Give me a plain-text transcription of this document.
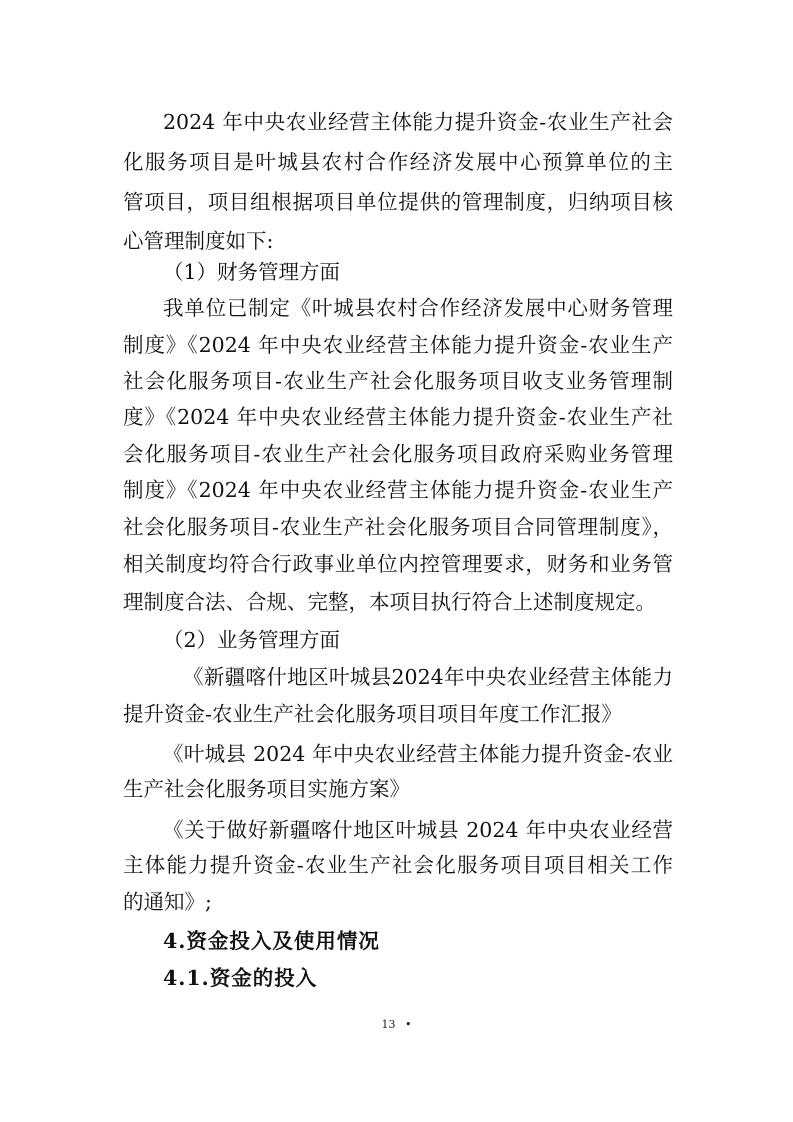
2024 年中央农业经营主体能力提升资金-农业生产社会
化服务项目是叶城县农村合作经济发展中心预算单位的主
管项目，项目组根据项目单位提供的管理制度，归纳项目核
心管理制度如下:
（1）财务管理方面
我单位已制定《叶城县农村合作经济发展中心财务管理
制度》《2024 年中央农业经营主体能力提升资金-农业生产
社会化服务项目-农业生产社会化服务项目收支业务管理制
度》《2024 年中央农业经营主体能力提升资金-农业生产社
会化服务项目-农业生产社会化服务项目政府采购业务管理
制度》《2024 年中央农业经营主体能力提升资金-农业生产
社会化服务项目-农业生产社会化服务项目合同管理制度》，
相关制度均符合行政事业单位内控管理要求，财务和业务管
理制度合法、合规、完整，本项目执行符合上述制度规定。
（2）业务管理方面
《新疆喀什地区叶城县2024年中央农业经营主体能力
提升资金-农业生产社会化服务项目项目年度工作汇报》
《叶城县 2024 年中央农业经营主体能力提升资金-农业
生产社会化服务项目实施方案》
《关于做好新疆喀什地区叶城县 2024 年中央农业经营
主体能力提升资金-农业生产社会化服务项目项目相关工作
的通知》;
4.资金投入及使用情况
4.1.资金的投入
13 •
